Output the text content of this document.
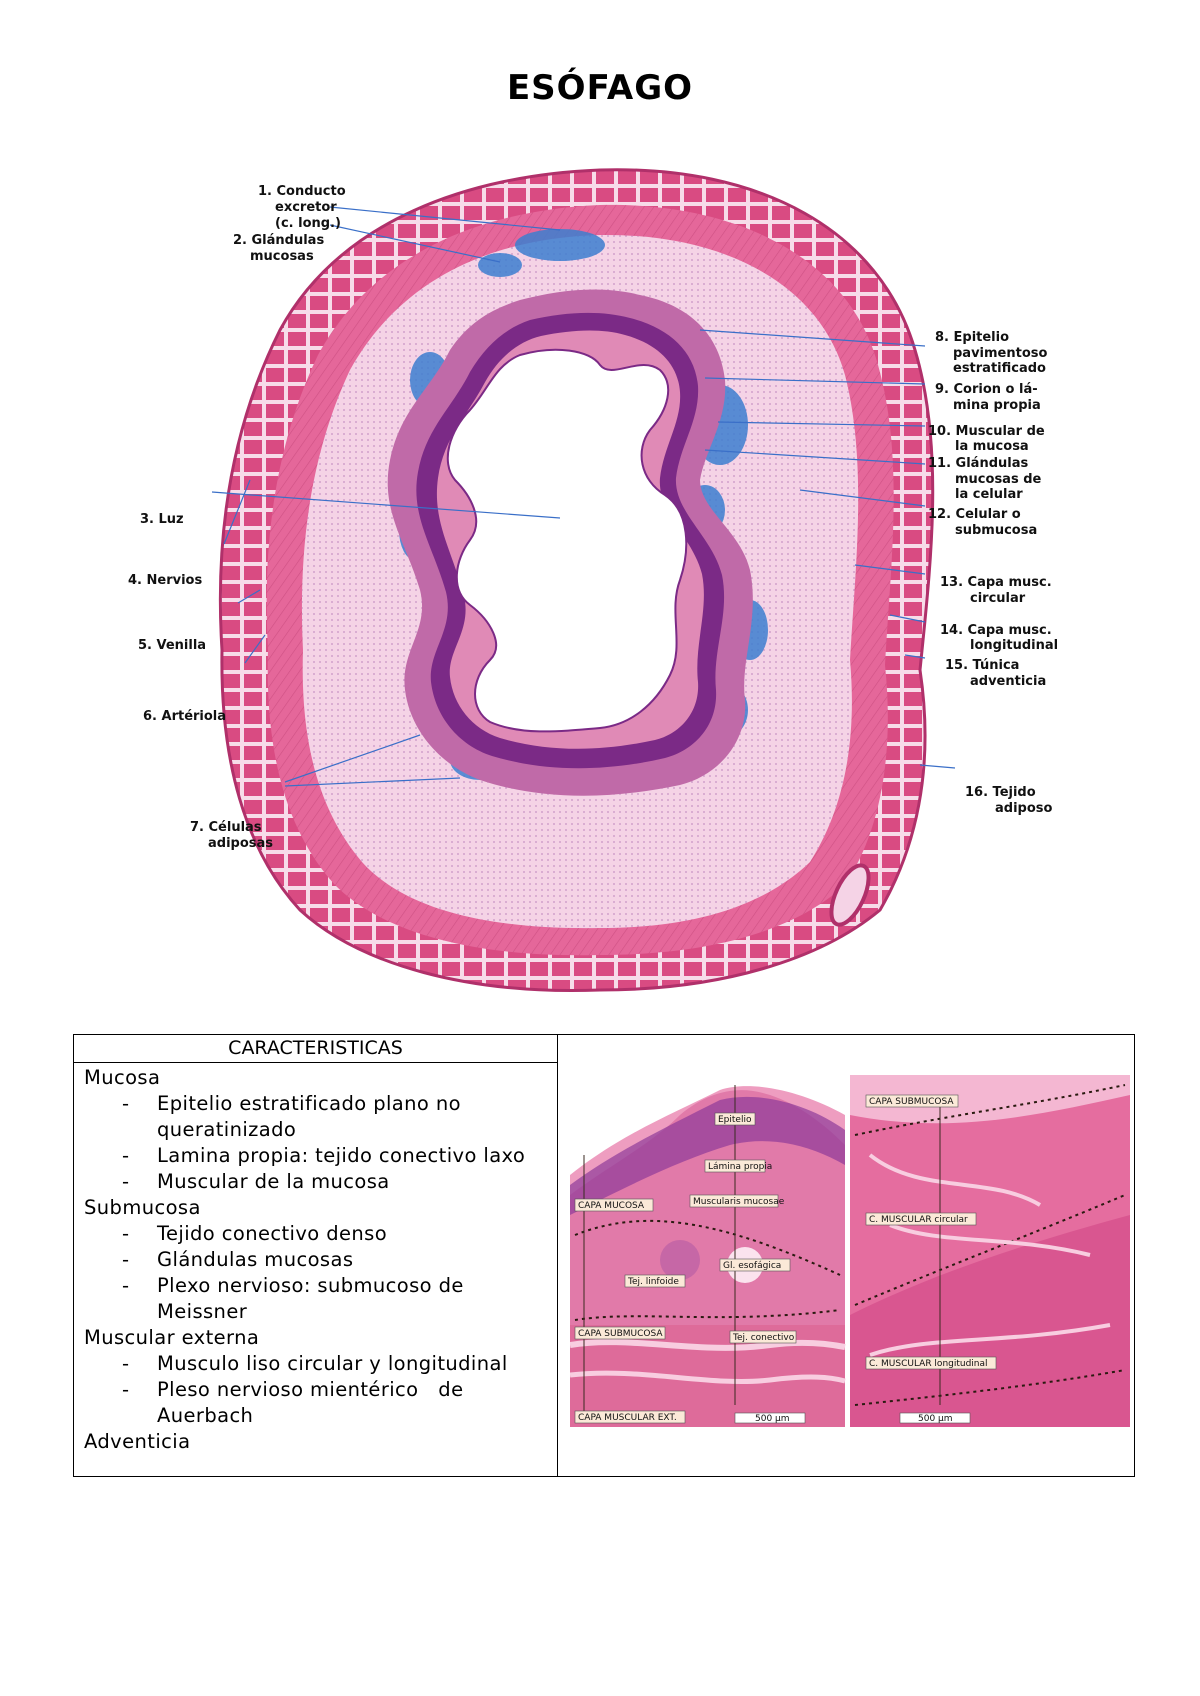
ESÓFAGO
1. Conducto excretor (c. long.)
2. Glándulas mucosas
3. Luz
4. Nervios
5. Venilla
6. Artériola
7. Células adiposas
8. Epitelio pavimentoso estratificado
9. Corion o lá- mina propia
10. Muscular de la mucosa
11. Glándulas mucosas de la celular
12. Celular o submucosa
13. Capa musc. circular
14. Capa musc. longitudinal
15. Túnica adventicia
16. Tejido adiposo
CARACTERISTICAS
Mucosa
- Epitelio estratificado plano no queratinizado
- Lamina propia: tejido conectivo laxo
- Muscular de la mucosa
Submucosa
- Tejido conectivo denso
- Glándulas mucosas
- Plexo nervioso: submucoso de Meissner
Muscular externa
- Musculo liso circular y longitudinal
- Pleso nervioso mientérico   de Auerbach
Adventicia
Epitelio
Lámina propia
Muscularis mucosae
CAPA MUCOSA
Tej. linfoide
Gl. esofágica
CAPA SUBMUCOSA	Tej. conectivo
CAPA MUSCULAR EXT.	500 µm
CAPA SUBMUCOSA
C. MUSCULAR circular
C. MUSCULAR longitudinal
500 µm
